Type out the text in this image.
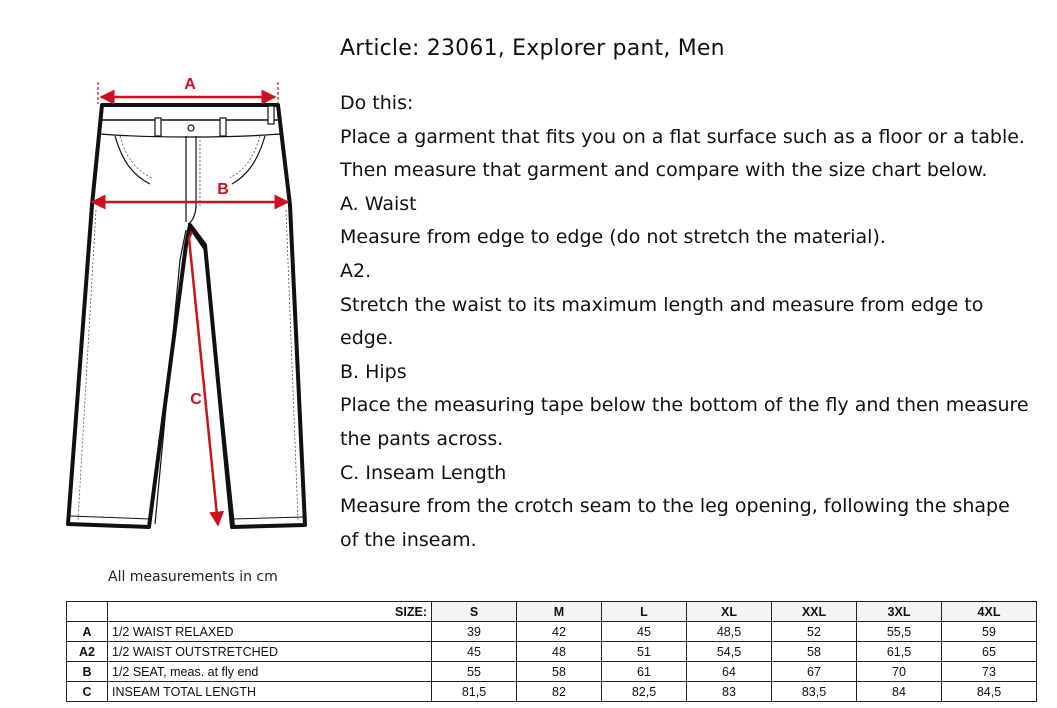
A
B
C
All measurements in cm
Article: 23061, Explorer pant, Men

Do this:

Place a garment that fits you on a flat surface such as a floor or a table.

Then measure that garment and compare with the size chart below.

A. Waist

Measure from edge to edge (do not stretch the material).

A2.

Stretch the waist to its maximum length and measure from edge to

edge.

B. Hips

Place the measuring tape below the bottom of the fly and then measure

the pants across.

C. Inseam Length

Measure from the crotch seam to the leg opening, following the shape

of the inseam.

	SIZE:	S	M	L	XL	XXL	3XL	4XL
A	1/2 WAIST RELAXED	39	42	45	48,5	52	55,5	59
A2	1/2 WAIST OUTSTRETCHED	45	48	51	54,5	58	61,5	65
B	1/2 SEAT, meas. at fly end	55	58	61	64	67	70	73
C	INSEAM TOTAL LENGTH	81,5	82	82,5	83	83,5	84	84,5
